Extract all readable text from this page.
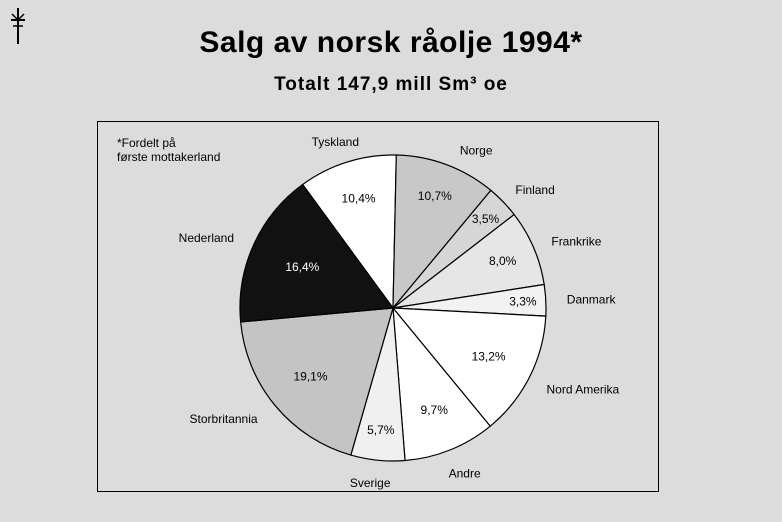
Salg av norsk råolje 1994*
Totalt 147,9 mill Sm³ oe
*Fordelt på
første mottakerland
10,4%
Tyskland
10,7%
Norge
3,5%
Finland
8,0%
Frankrike
3,3%	Danmark
13,2%
Nord Amerika
9,7%
Andre
5,7%
Sverige
19,1%
Storbritannia
16,4%
Nederland
